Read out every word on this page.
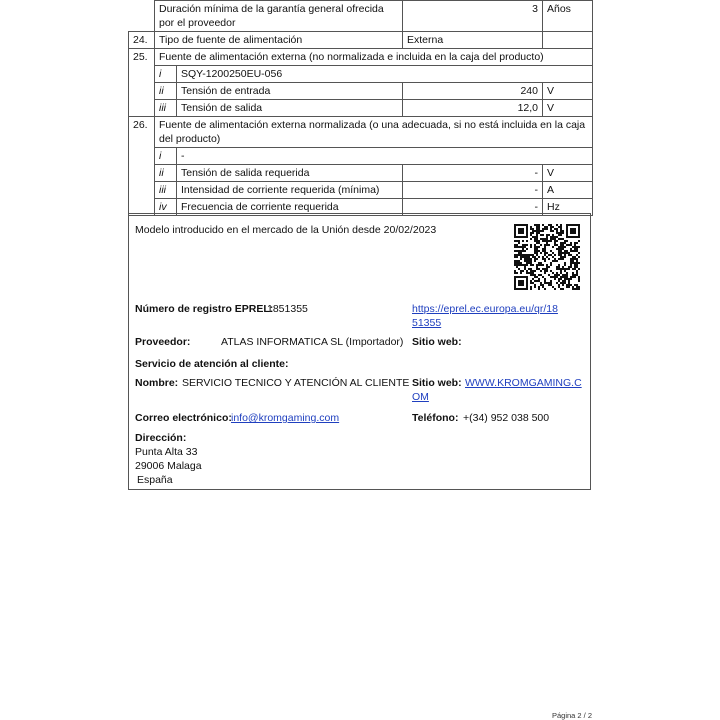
	Duración mínima de la garantía general ofrecida por el proveedor		3	Años
24.	Tipo de fuente de alimentación		Externa	
25.	Fuente de alimentación externa (no normalizada e incluida en la caja del producto)			
	i	SQY-1200250EU-056		
	ii	Tensión de entrada	240	V
	iii	Tensión de salida	12,0	V
26.	Fuente de alimentación externa normalizada (o una adecuada, si no está incluida en la caja del producto)			
	i	-		
	ii	Tensión de salida requerida	-	V
	iii	Intensidad de corriente requerida (mínima)	-	A
	iv	Frecuencia de corriente requerida	-	Hz
Modelo introducido en el mercado de la Unión desde 20/02/2023
Número de registro EPREL:
1851355	https://eprel.ec.europa.eu/qr/18
51355
Proveedor:	ATLAS INFORMATICA SL (Importador) Sitio web:
Servicio de atención al cliente:
Nombre: SERVICIO TECNICO Y ATENCIÓN AL CLIENTE Sitio web: WWW.KROMGAMING.C
OM
Correo electrónico: info@kromgaming.com	Teléfono: +(34) 952 038 500
Dirección:
Punta Alta 33
29006 Malaga
España
Página 2 / 2
